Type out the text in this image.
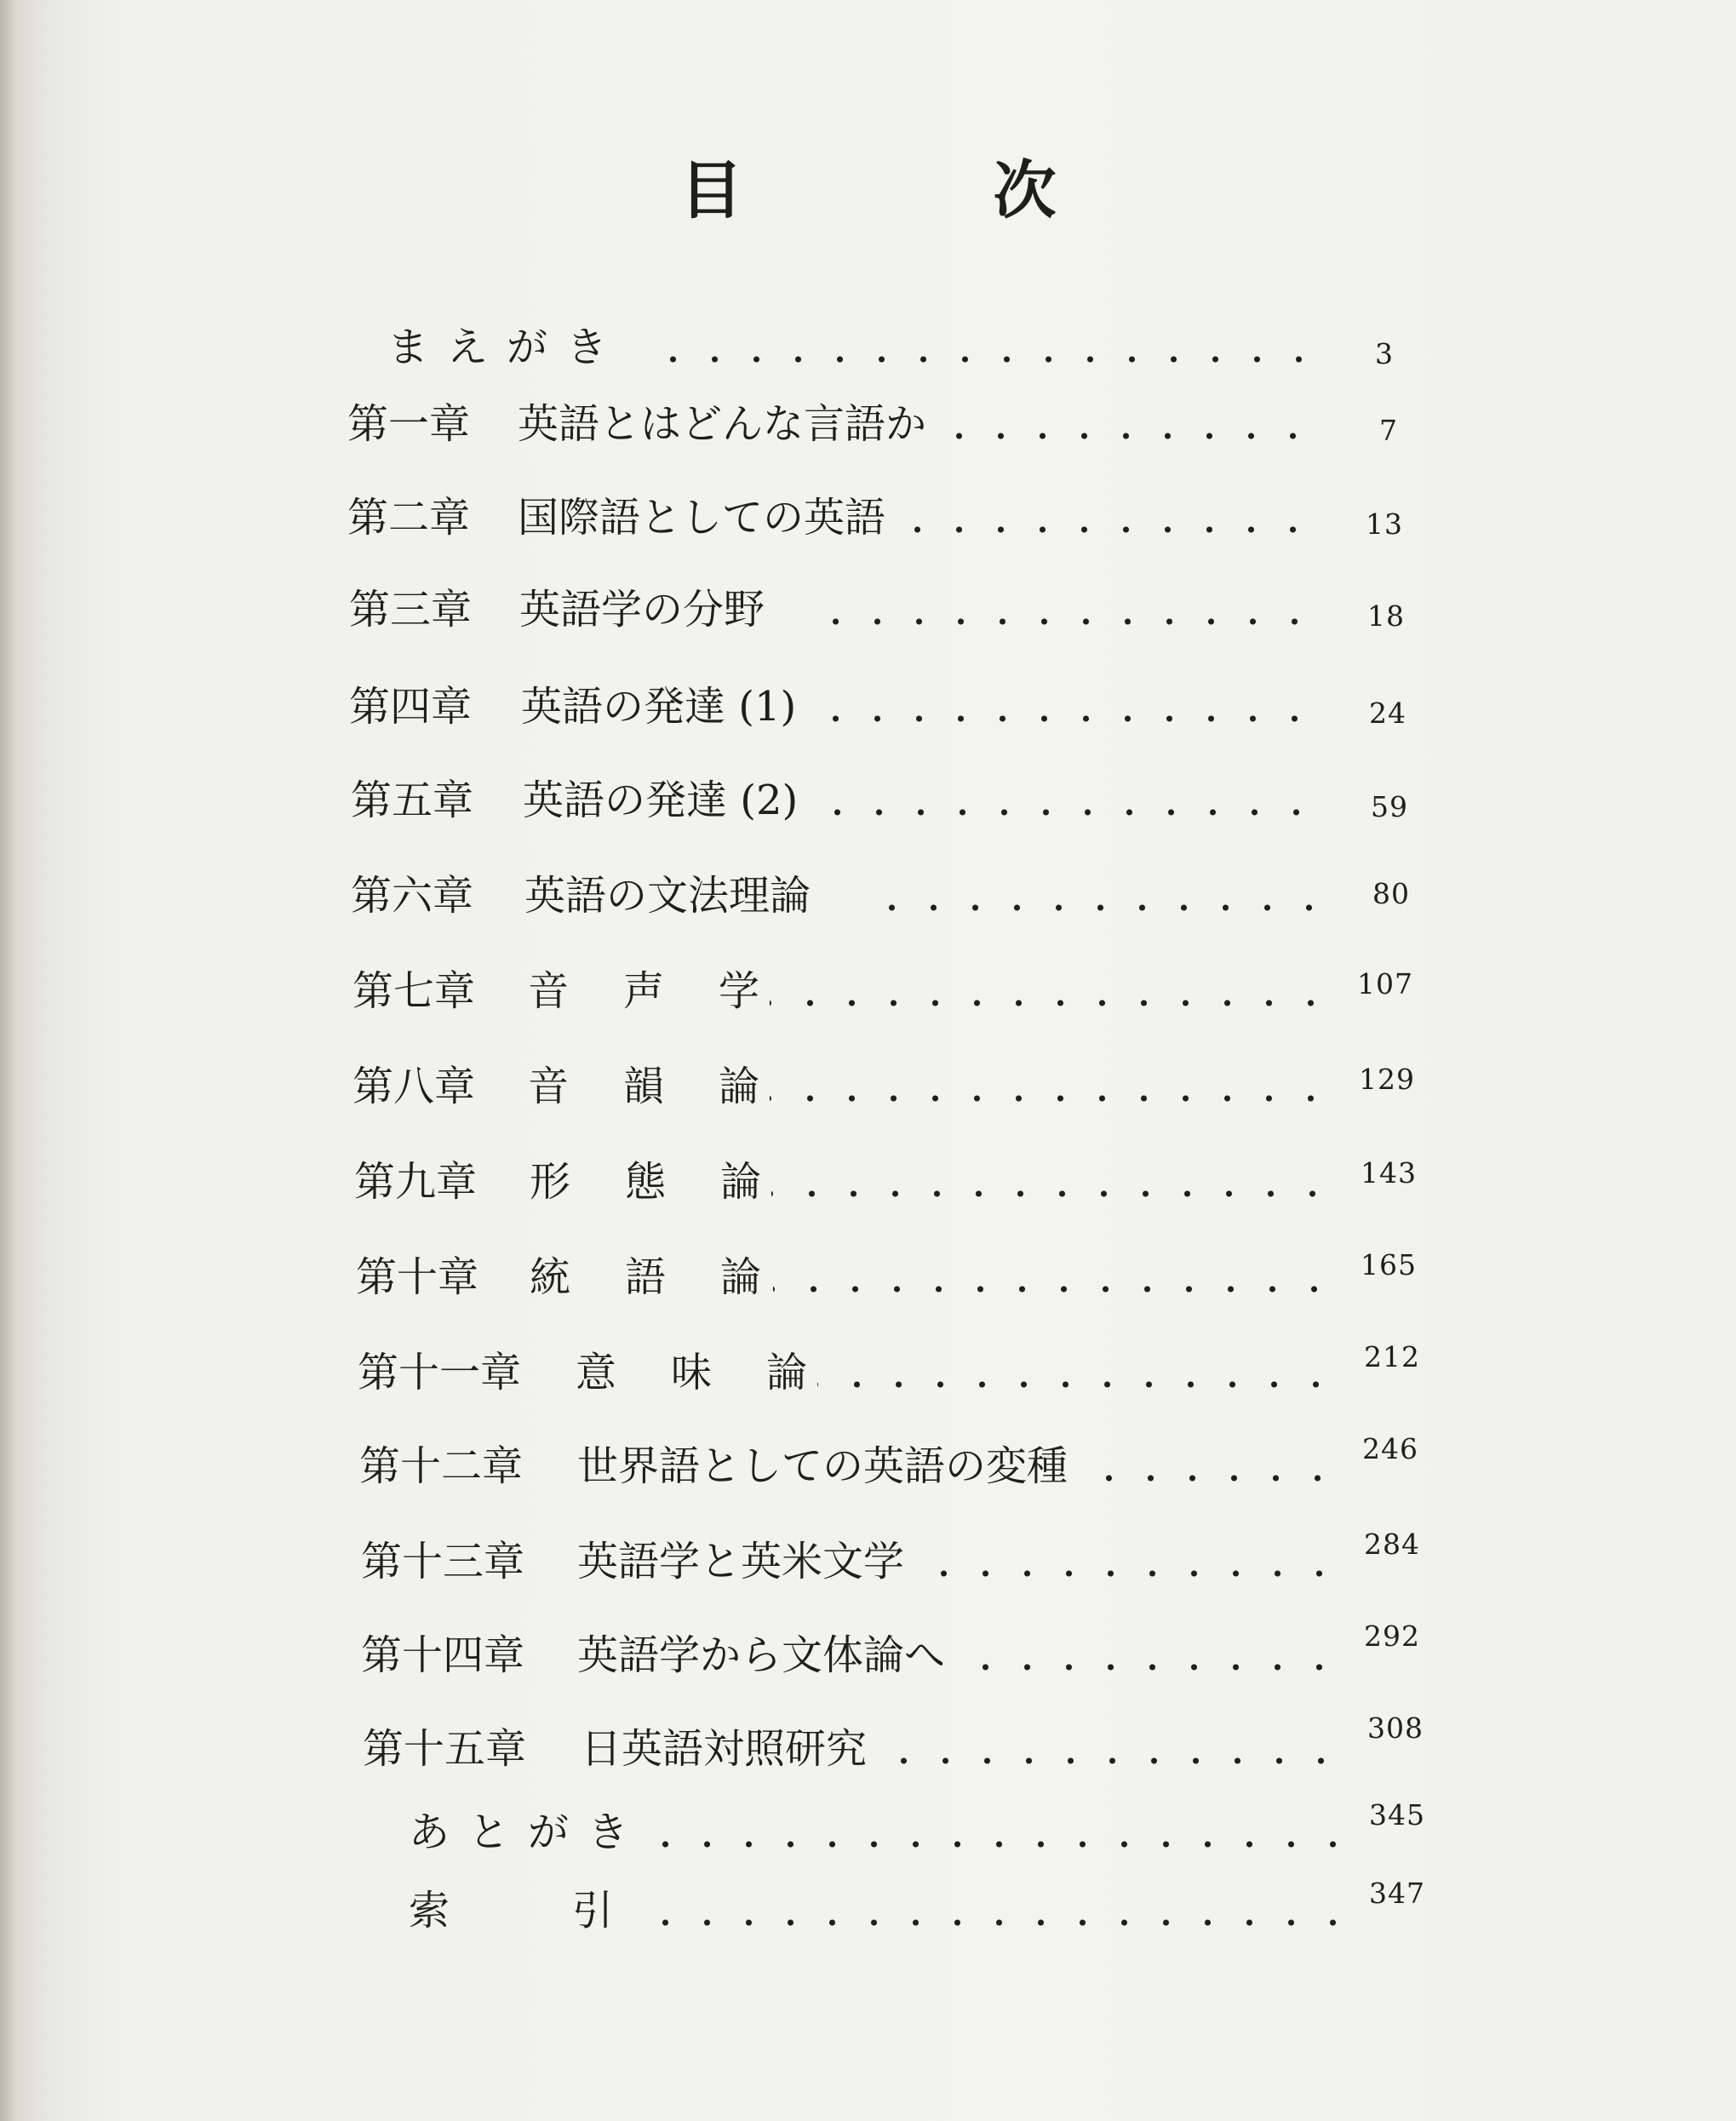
目　次
まえがき	3
第一章 英語とはどんな言語か	7
第二章 国際語としての英語	13
第三章 英語学の分野	18
第四章 英語の発達 (1)	24
第五章 英語の発達 (2)	59
第六章 英語の文法理論	80
第七章 音　声　学	107
第八章 音　韻　論	129
第九章 形　態　論	143
第十章 統　語　論	165
第十一章 意　味　論	212
第十二章 世界語としての英語の変種	246
第十三章 英語学と英米文学	284
第十四章 英語学から文体論へ	292
第十五章 日英語対照研究	308
あとがき	345
索　　　引	347
